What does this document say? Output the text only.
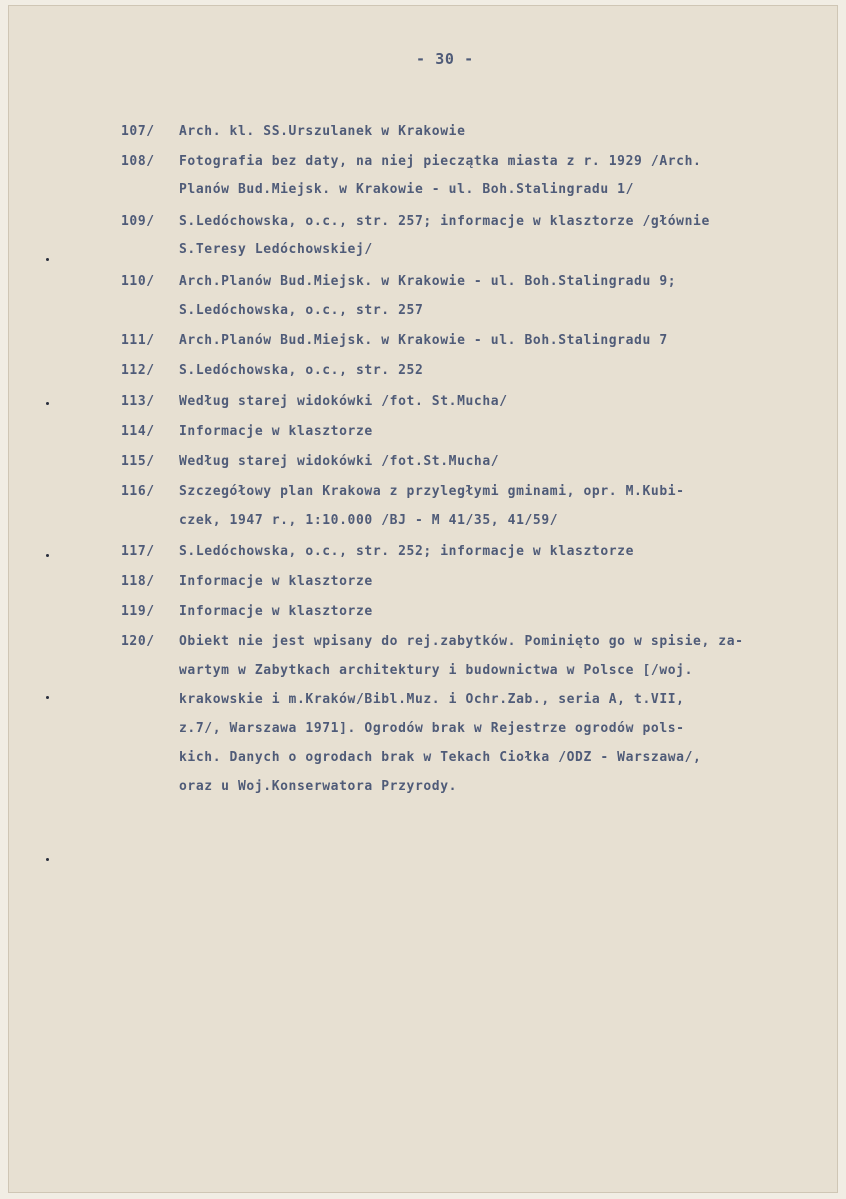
- 30 -
107/ Arch. kl. SS.Urszulanek w Krakowie
108/ Fotografia bez daty, na niej pieczątka miasta z r. 1929 /Arch.
Planów Bud.Miejsk. w Krakowie - ul. Boh.Stalingradu 1/
109/ S.Ledóchowska, o.c., str. 257; informacje w klasztorze /głównie
S.Teresy Ledóchowskiej/
110/ Arch.Planów Bud.Miejsk. w Krakowie - ul. Boh.Stalingradu 9;
S.Ledóchowska, o.c., str. 257
111/ Arch.Planów Bud.Miejsk. w Krakowie - ul. Boh.Stalingradu 7
112/ S.Ledóchowska, o.c., str. 252
113/ Według starej widokówki /fot. St.Mucha/
114/ Informacje w klasztorze
115/ Według starej widokówki /fot.St.Mucha/
116/ Szczegółowy plan Krakowa z przyległymi gminami, opr. M.Kubi-
czek, 1947 r., 1:10.000 /BJ - M 41/35, 41/59/
117/ S.Ledóchowska, o.c., str. 252; informacje w klasztorze
118/ Informacje w klasztorze
119/ Informacje w klasztorze
120/ Obiekt nie jest wpisany do rej.zabytków. Pominięto go w spisie, za-
wartym w Zabytkach architektury i budownictwa w Polsce [/woj.
krakowskie i m.Kraków/Bibl.Muz. i Ochr.Zab., seria A, t.VII,
z.7/, Warszawa 1971]. Ogrodów brak w Rejestrze ogrodów pols-
kich. Danych o ogrodach brak w Tekach Ciołka /ODZ - Warszawa/,
oraz u Woj.Konserwatora Przyrody.
